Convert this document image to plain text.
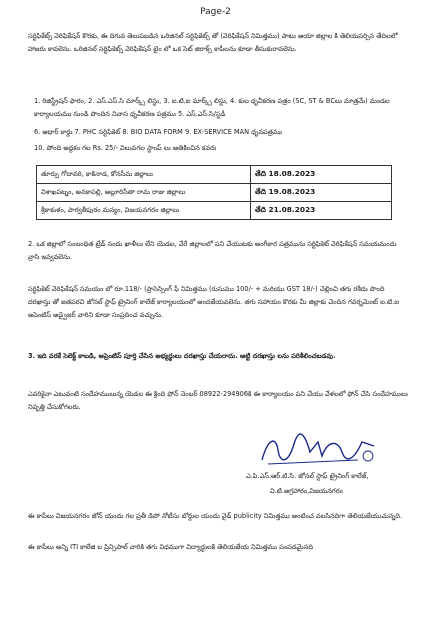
Page-2
సర్టిఫికేట్స్ వెరిఫికేషన్ కొరకు, ఈ దిగువ తెలుపబడిన ఒరిజినల్ సర్టిఫికెట్స్ తో (వెరిఫికేషన్ నిమిత్తము) పాటు ఆయా జిల్లాల కి తెలియపర్చిన తేదిలలో హాజరు కావలెను. ఒరిజినల్ సర్టిఫికెట్స్ వెరిఫికేషన్ టైం లో ఒక సెట్ జిరాక్స్ కాపీలను కూడా తీసుకురావలెను.
1. రిజిస్ట్రేషన్ ఫారం, 2. ఎస్.ఎస్.సి మార్క్స్ లిస్టు, 3. ఐ.టి.ఐ మార్క్స్ లిస్టు, 4. కుల ధృవీకరణ పత్రం (SC, ST & BCలు మాత్రమే) మండల కార్యాలయము నుండి పొందిన నివాస ధృవీకరణ పత్రము 5. ఎస్.ఎస్.సి/స్టడీ
6. ఆధార్ కార్డు 7. PHC సర్టిఫికెట్ 8. BIO DATA FORM 9. EX-SERVICE MAN ధృవపత్రము
10. పోంది అద్దకం గల Rs. 25/- విలువగల స్టాంప్ లు అతికించిన కవరు
తూర్పు గోదావరి, కాకినాడ, కోనసీమ జిల్లాలు	తేది 18.08.2023
విశాఖపట్నం, అనకాపల్లి, అల్లూరిసీతా రామ రాజు జిల్లాలు	తేది 19.08.2023
శ్రీకాకుళం, పార్వతీపురం మన్యం, విజయనగరం జిల్లాలు	తేది 21.08.2023
2. ఒక జిల్లాలో సంబంధిత ట్రేడ్ నందు ఖాళీలు లేని యెడల, వేరే జిల్లాలలో పని చేయుటకు అంగీకార పత్రమును సర్టిఫికెట్ వెరిఫికేషన్ సమయమందు వ్రాసి ఇవ్వవలెను.
సర్టిఫికెట్ వెరిఫికేషన్ సమయం లో రూ.118/- (ప్రాసెస్సింగ్ ఫీ నిమిత్తము (రుసుము 100/- + మరియు GST 18/-) చెల్లించి తగు రశీదు పొంది దరఖాస్తు తో జతపరచి జోనల్ స్టాఫ్ ట్రైనింగ్ కాలేజ్ కార్యాలయంలో అందజేయవలెను. తగు సహాయం కొరకు మీ జిల్లాకు చెందిన గవర్నమెంట్ ఐ.టి.ఐ అపెంటిస్ అడ్వైజర్ వారిని కూడా సంప్రదించ వచ్చును.
3. ఇది వరకే సెలెక్ట్ కాబడి, అప్రెంటిస్ పూర్తి చేసిన అభ్యర్థులు దరఖాస్తు చేయరాదు. అట్టి దరఖాస్తు లను పరిశీలించబడవు.
ఎవరికైనా ఎటువంటి సందేహములున్న యెడల ఈ క్రింది ఫోన్ నెంబర్ 08922-294906కి ఈ కార్యాలయం పని చేయు వేళలలో ఫోన్ చేసి సందేహములు నివృత్తి చేసుకోగలరు.
ఎ.పి.ఎస్.ఆర్.టి.సి. జోనల్ స్టాఫ్ ట్రైనింగ్ కాలేజ్,
వి.టి.అగ్రహారం,విజయనగరం
ఈ కాపీలు విజయనగరం జోన్ యందు గల ప్రతీ డిపో నోటీసు బోర్డుల యందు వైడ్ publicity నిమిత్తము అంటించ వలసినదిగా తెలియజేయుచున్నది.
ఈ కాపీలు అన్ని ITI కాలేజి ల ప్రిన్సిపాల్ వారికి తగు విధముగా విద్యార్థులకి తెలియజేయ నిమిత్తము పంపడమైనది
